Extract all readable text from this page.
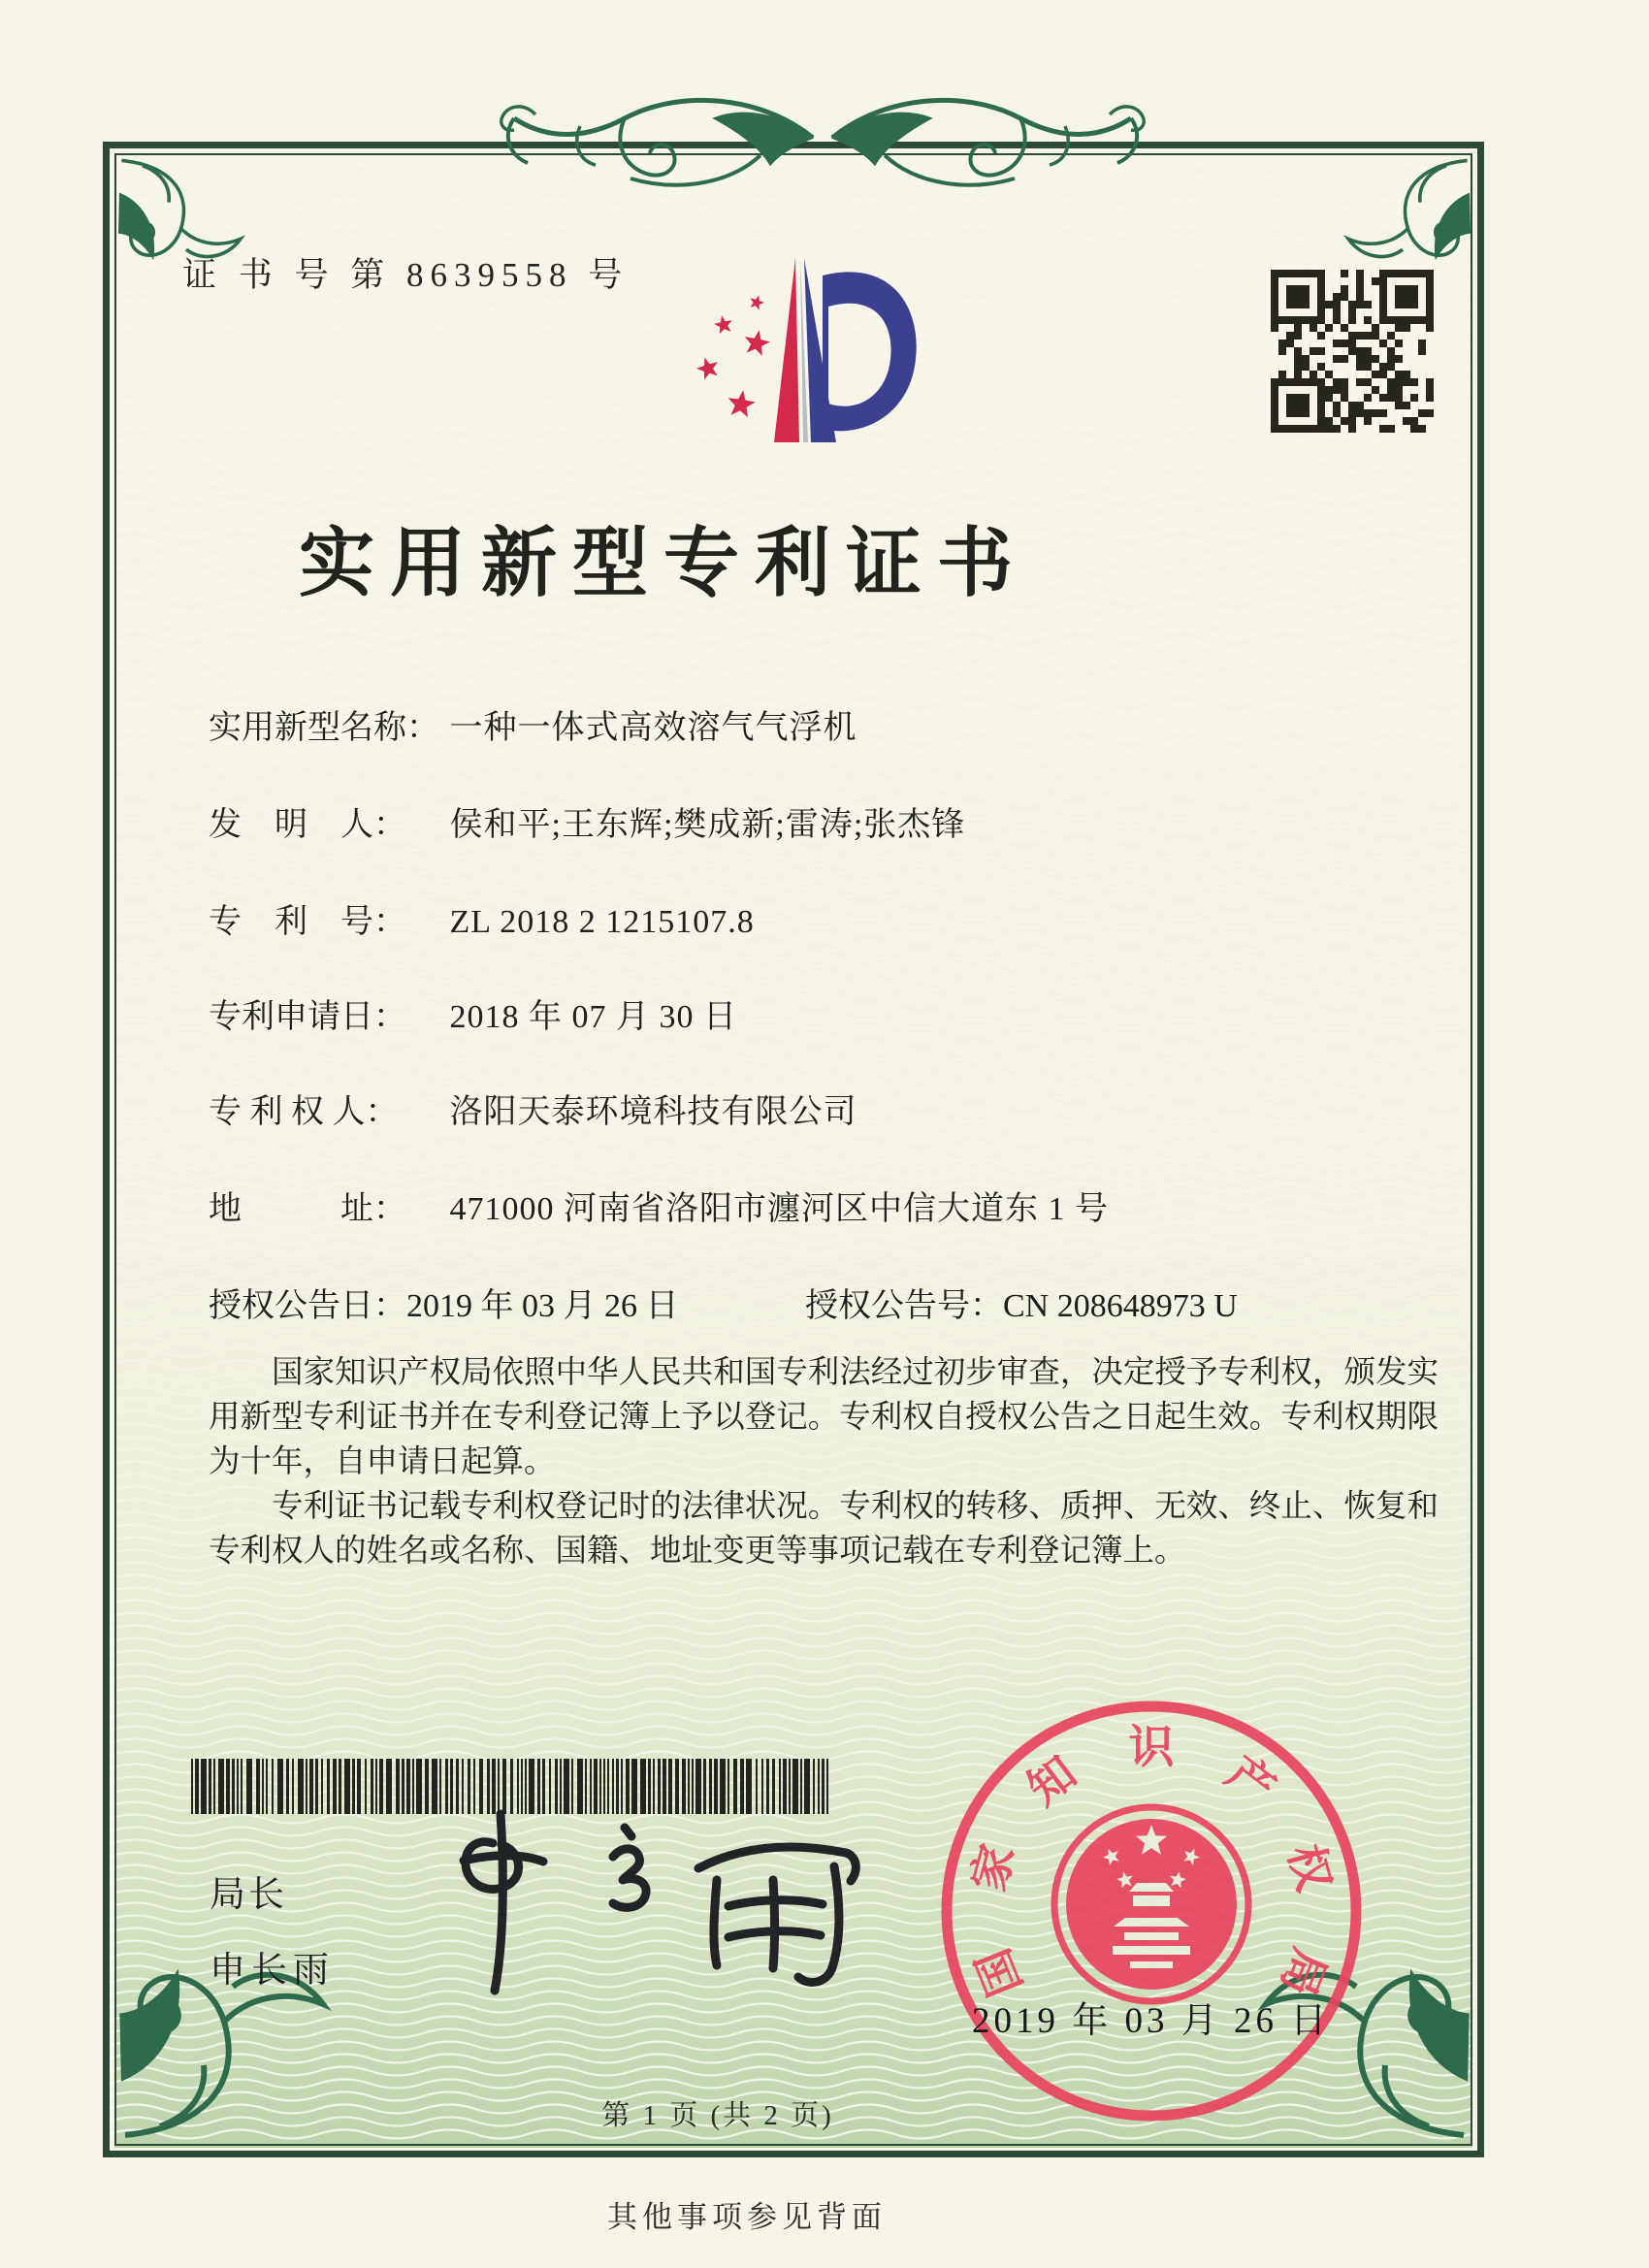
证 书 号 第 8639558 号
实用新型专利证书
实用新型名称： 一种一体式高效溶气气浮机
发　明　人： 侯和平;王东辉;樊成新;雷涛;张杰锋
专　利　号： ZL 2018 2 1215107.8
专利申请日： 2018 年 07 月 30 日
专 利 权 人： 洛阳天泰环境科技有限公司
地　　　址： 471000 河南省洛阳市瀍河区中信大道东 1 号
授权公告日：2019 年 03 月 26 日	授权公告号：CN 208648973 U

国家知识产权局依照中华人民共和国专利法经过初步审查，决定授予专利权，颁发实用新型专利证书并在专利登记簿上予以登记。专利权自授权公告之日起生效。专利权期限为十年，自申请日起算。

专利证书记载专利权登记时的法律状况。专利权的转移、质押、无效、终止、恢复和专利权人的姓名或名称、国籍、地址变更等事项记载在专利登记簿上。

局长
申长雨	国
家
知 识 产
权
局
2019 年 03 月 26 日
第 1 页 (共 2 页)
其他事项参见背面
